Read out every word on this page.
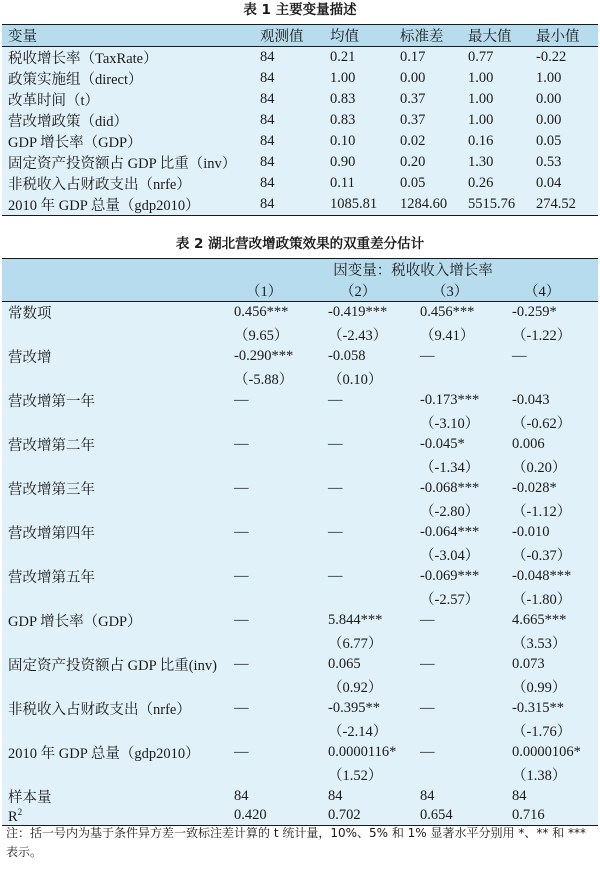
表 1 主要变量描述
变量	观测值	均值	标准差	最大值	最小值
税收增长率（TaxRate）	84	0.21	0.17	0.77	-0.22
政策实施组（direct）	84	1.00	0.00	1.00	1.00
改革时间（t）	84	0.83	0.37	1.00	0.00
营改增政策（did）	84	0.83	0.37	1.00	0.00
GDP 增长率（GDP）	84	0.10	0.02	0.16	0.05
固定资产投资额占 GDP 比重（inv）	84	0.90	0.20	1.30	0.53
非税收入占财政支出（nrfe）	84	0.11	0.05	0.26	0.04
2010 年 GDP 总量（gdp2010）	84	1085.81	1284.60	5515.76	274.52
表 2 湖北营改增政策效果的双重差分估计
	因变量：税收收入增长率			
	（1）	（2）	（3）	（4）
常数项	0.456***	-0.419***	0.456***	-0.259*
	（9.65）	（-2.43）	（9.41）	（-1.22）
营改增	-0.290***	-0.058	—	—
	（-5.88）	（0.10）		
营改增第一年	—	—	-0.173***	-0.043
			（-3.10）	（-0.62）
营改增第二年	—	—	-0.045*	0.006
			（-1.34）	（0.20）
营改增第三年	—	—	-0.068***	-0.028*
			（-2.80）	（-1.12）
营改增第四年	—	—	-0.064***	-0.010
			（-3.04）	（-0.37）
营改增第五年	—	—	-0.069***	-0.048***
			（-2.57）	（-1.80）
GDP 增长率（GDP）	—	5.844***	—	4.665***
		（6.77）		（3.53）
固定资产投资额占 GDP 比重(inv)	—	0.065	—	0.073
		（0.92）		（0.99）
非税收入占财政支出（nrfe）	—	-0.395**	—	-0.315**
		（-2.14）		（-1.76）
2010 年 GDP 总量（gdp2010）	—	0.0000116*	—	0.0000106*
		（1.52）		（1.38）
样本量	84	84	84	84
$R^2$	0.420	0.702	0.654	0.716
注：括一号内为基于条件异方差一致标注差计算的 t 统计量，10%、5% 和 1% 显著水平分别用 *、** 和 *** 表示。
